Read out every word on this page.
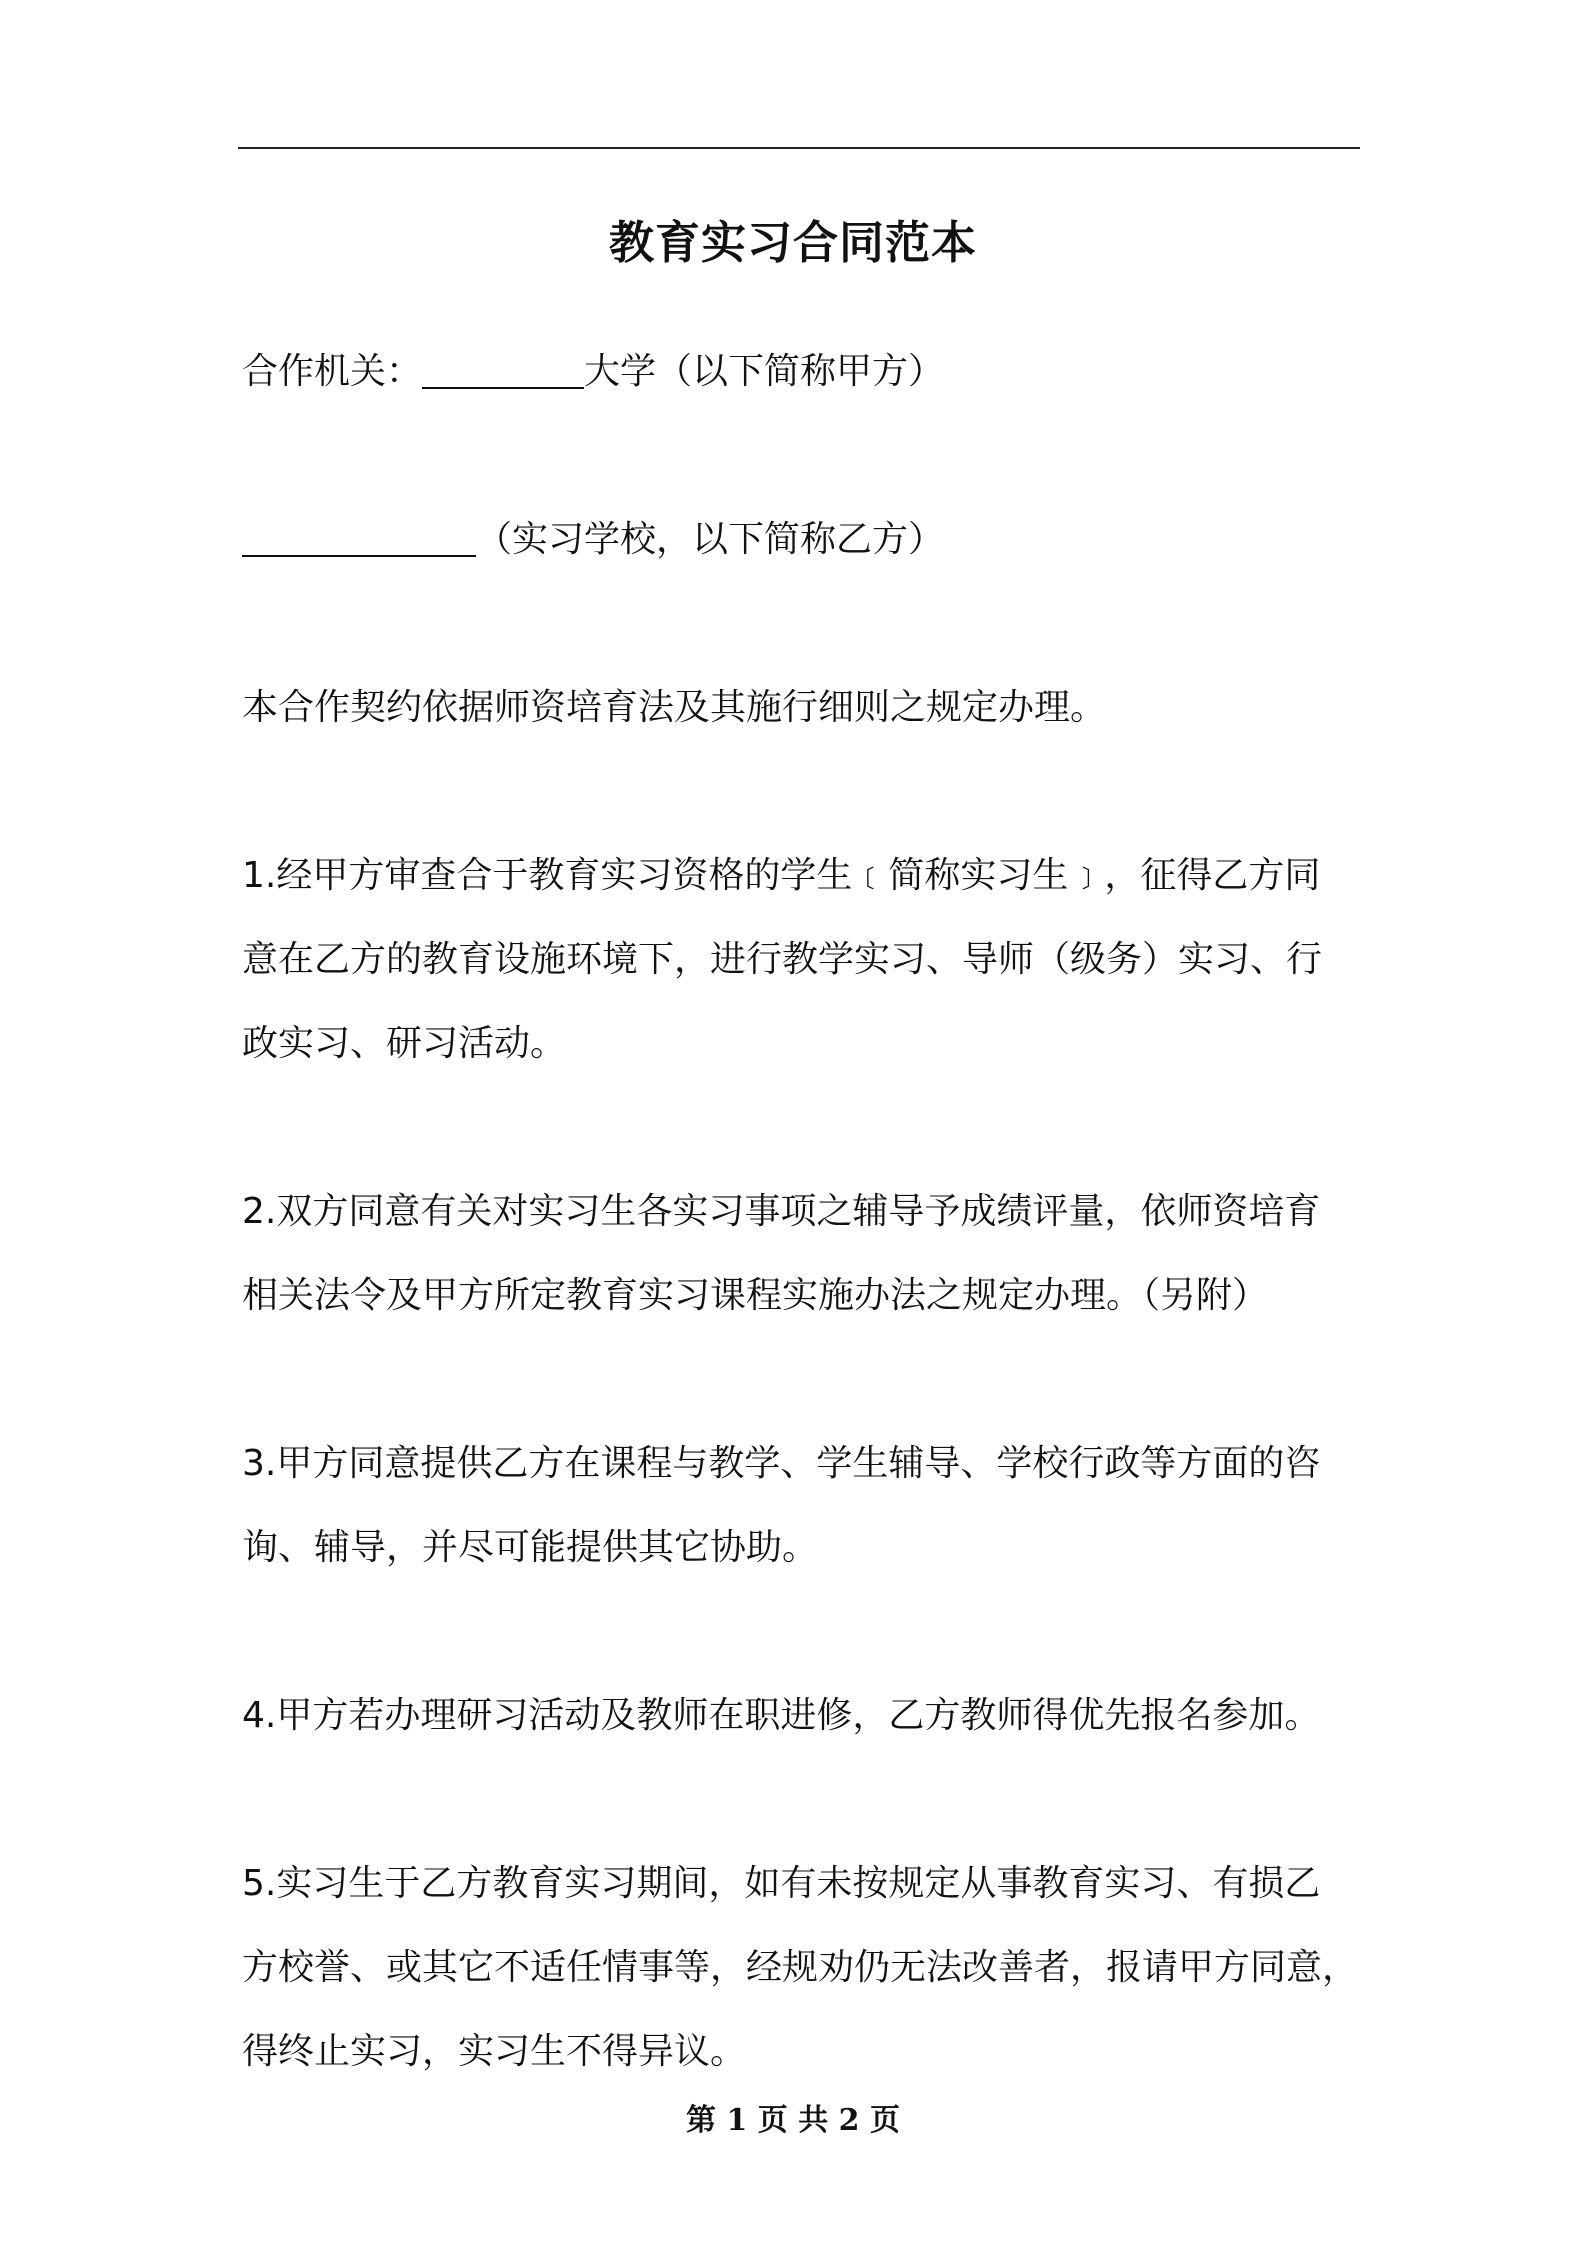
教育实习合同范本
合作机关：	大学（以下简称甲方）
（实习学校，以下简称乙方）
本合作契约依据师资培育法及其施行细则之规定办理。
1.经甲方审查合于教育实习资格的学生﹝简称实习生﹞，征得乙方同
意在乙方的教育设施环境下，进行教学实习、导师（级务）实习、行
政实习、研习活动。
2.双方同意有关对实习生各实习事项之辅导予成绩评量，依师资培育
相关法令及甲方所定教育实习课程实施办法之规定办理。（另附）
3.甲方同意提供乙方在课程与教学、学生辅导、学校行政等方面的咨
询、辅导，并尽可能提供其它协助。
4.甲方若办理研习活动及教师在职进修，乙方教师得优先报名参加。
5.实习生于乙方教育实习期间，如有未按规定从事教育实习、有损乙
方校誉、或其它不适任情事等，经规劝仍无法改善者，报请甲方同意，
得终止实习，实习生不得异议。
第 1 页 共 2 页
